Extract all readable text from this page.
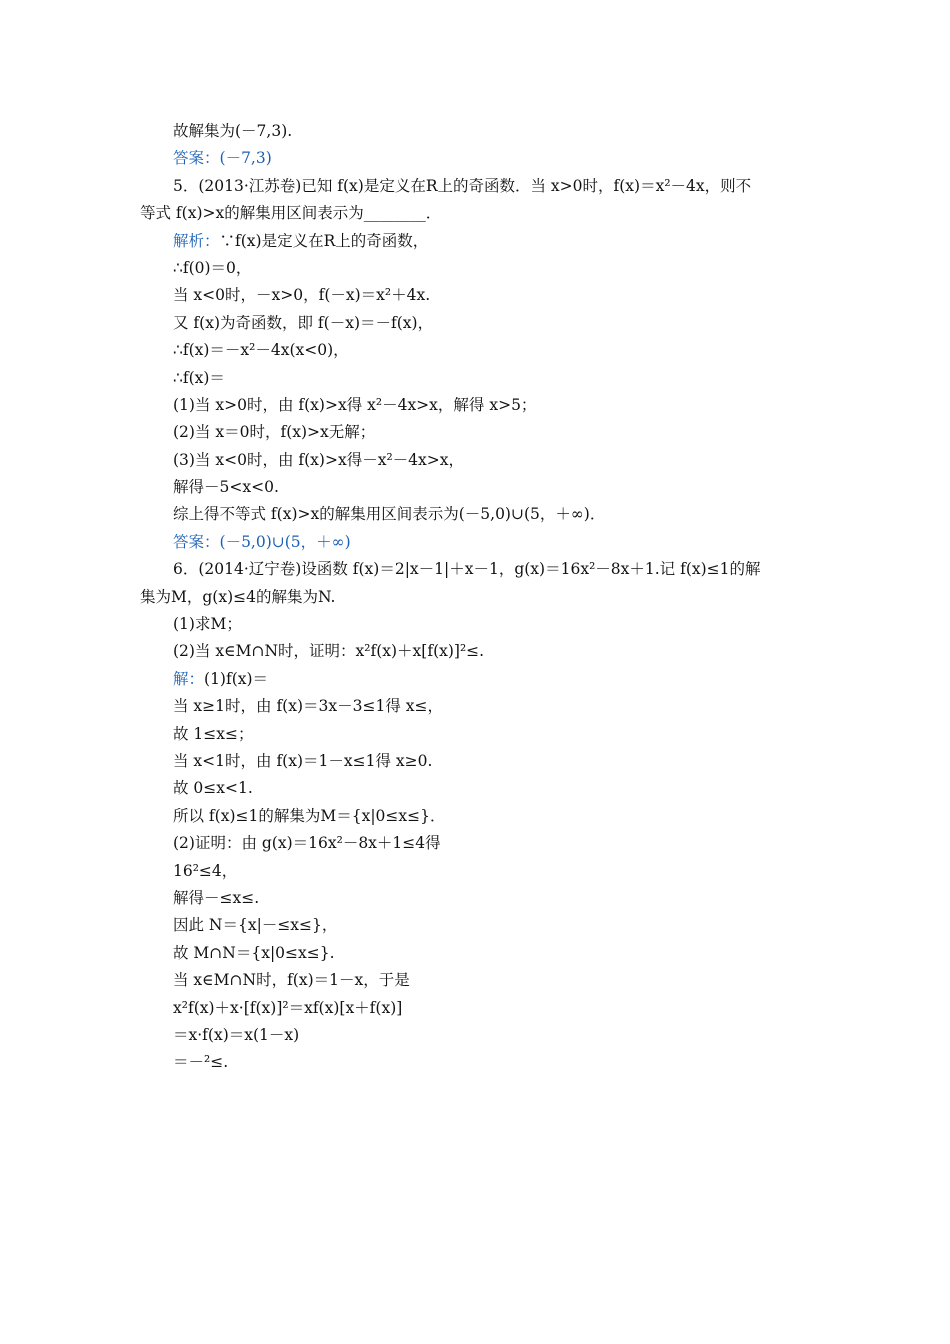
故解集为(－7,3).
答案：(－7,3)
5．(2013·江苏卷)已知 f(x)是定义在R上的奇函数．当 x>0时，f(x)＝x²－4x，则不
等式 f(x)>x的解集用区间表示为________．
解析：∵f(x)是定义在R上的奇函数，
∴f(0)＝0，
当 x<0时，－x>0，f(－x)＝x²＋4x.
又 f(x)为奇函数，即 f(－x)＝－f(x)，
∴f(x)＝－x²－4x(x<0)，
∴f(x)＝
(1)当 x>0时，由 f(x)>x得 x²－4x>x，解得 x>5；
(2)当 x＝0时，f(x)>x无解；
(3)当 x<0时，由 f(x)>x得－x²－4x>x，
解得－5<x<0.
综上得不等式 f(x)>x的解集用区间表示为(－5,0)∪(5，＋∞)．
答案：(－5,0)∪(5，＋∞)
6．(2014·辽宁卷)设函数 f(x)＝2|x－1|＋x－1，g(x)＝16x²－8x＋1.记 f(x)≤1的解
集为M，g(x)≤4的解集为N.
(1)求M；
(2)当 x∈M∩N时，证明：x²f(x)＋x[f(x)]²≤.
解：(1)f(x)＝
当 x≥1时，由 f(x)＝3x－3≤1得 x≤，
故 1≤x≤；
当 x<1时，由 f(x)＝1－x≤1得 x≥0.
故 0≤x<1.
所以 f(x)≤1的解集为M＝{x|0≤x≤}．
(2)证明：由 g(x)＝16x²－8x＋1≤4得
16²≤4，
解得－≤x≤.
因此 N＝{x|－≤x≤}，
故 M∩N＝{x|0≤x≤}.
当 x∈M∩N时，f(x)＝1－x，于是
x²f(x)＋x·[f(x)]²＝xf(x)[x＋f(x)]
＝x·f(x)＝x(1－x)
＝－²≤.
